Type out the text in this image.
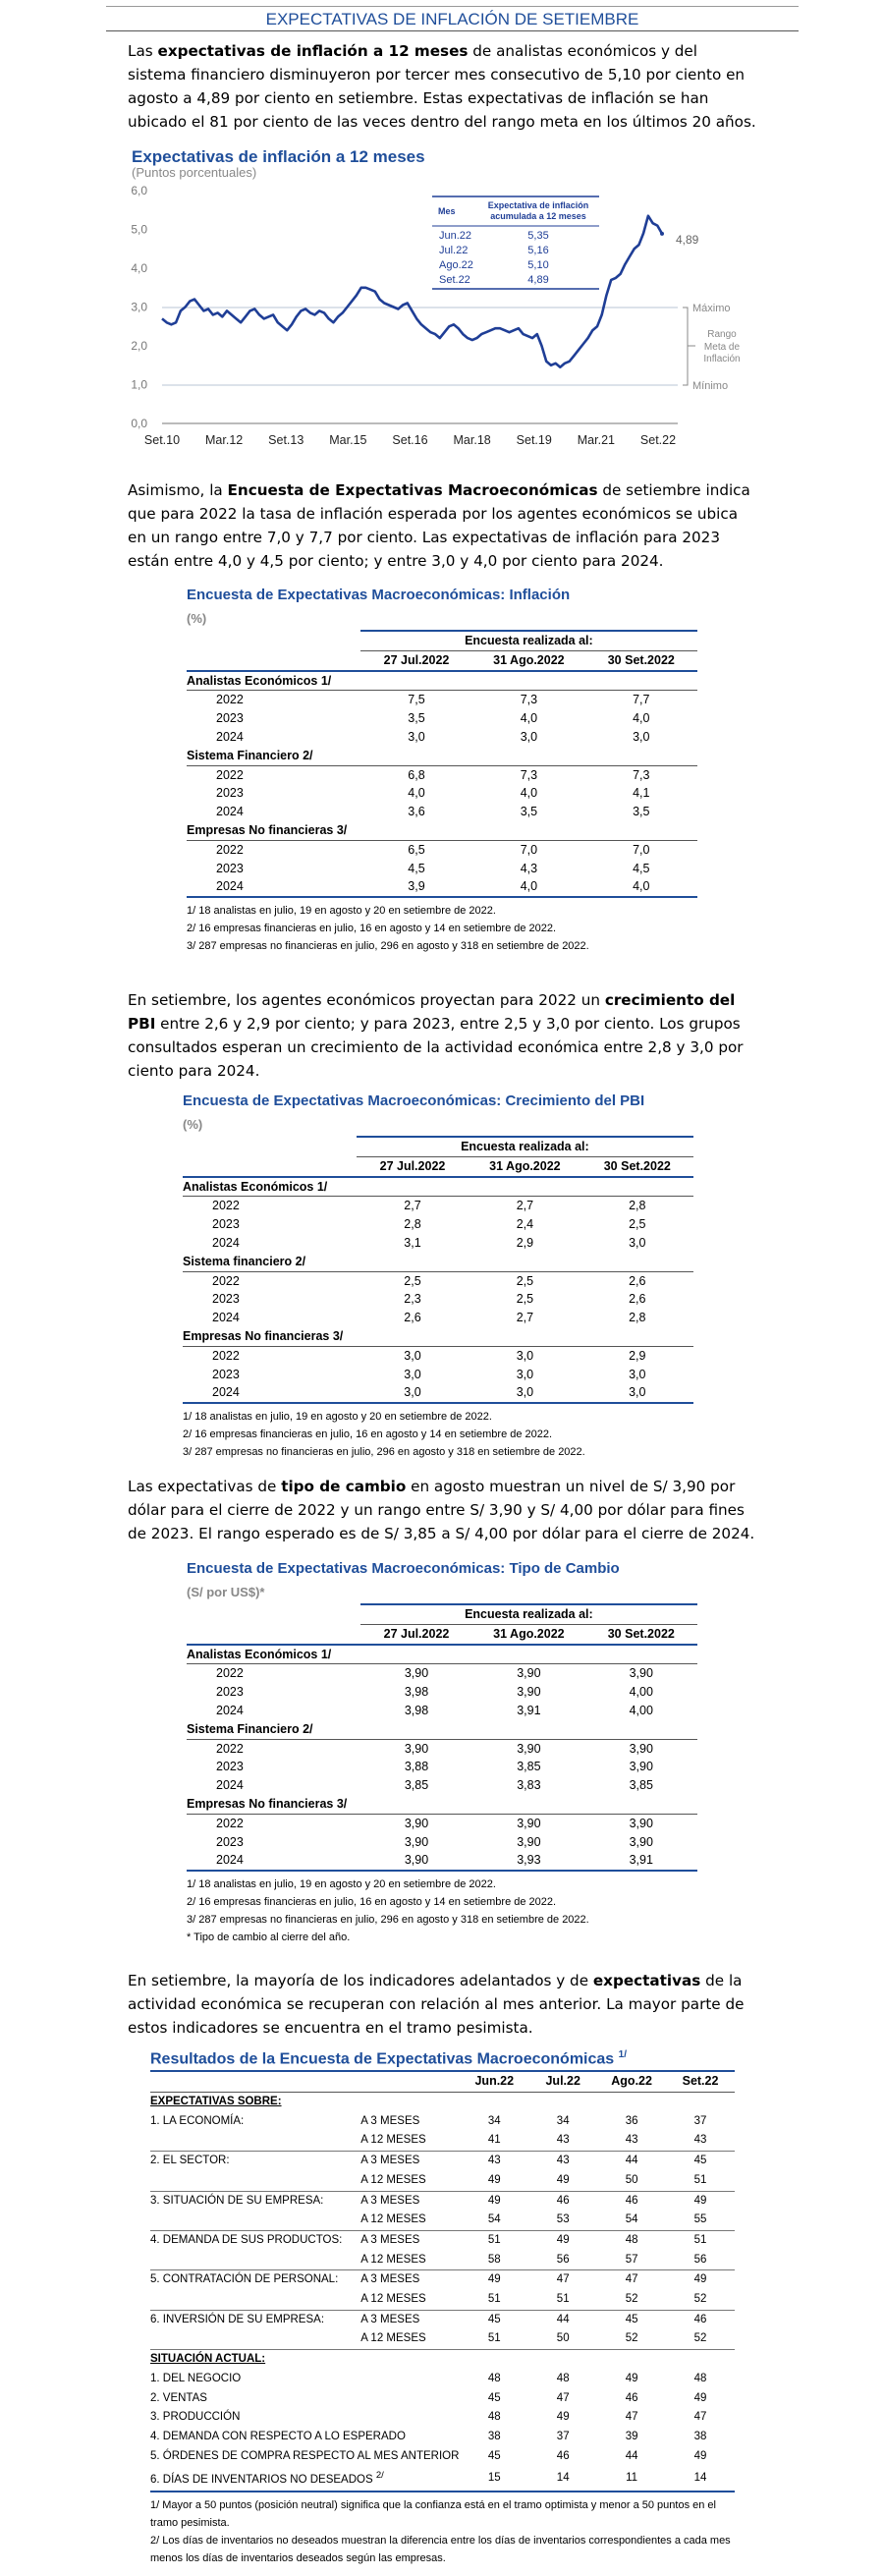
EXPECTATIVAS DE INFLACIÓN DE SETIEMBRE
Las expectativas de inflación a 12 meses de analistas económicos y del sistema financiero disminuyeron por tercer mes consecutivo de 5,10 por ciento en agosto a 4,89 por ciento en setiembre. Estas expectativas de inflación se han ubicado el 81 por ciento de las veces dentro del rango meta en los últimos 20 años.
Expectativas de inflación a 12 meses
(Puntos porcentuales)
0,0
1,0
2,0
3,0
4,0
5,0
6,0
Set.10 Mar.12 Set.13 Mar.15 Set.16 Mar.18 Set.19 Mar.21 Set.22
4,89
Máximo
Mínimo
Rango
Meta de
Inflación
Mes
Expectativa de inflación
acumulada a 12 meses
Jun.22	5,35
Jul.22	5,16
Ago.22	5,10
Set.22	4,89
Asimismo, la Encuesta de Expectativas Macroeconómicas de setiembre indica que para 2022 la tasa de inflación esperada por los agentes económicos se ubica en un rango entre 7,0 y 7,7 por ciento. Las expectativas de inflación para 2023 están entre 4,0 y 4,5 por ciento; y entre 3,0 y 4,0 por ciento para 2024.
Encuesta de Expectativas Macroeconómicas: Inflación
(%)
	Encuesta realizada al:		
	27 Jul.2022	31 Ago.2022	30 Set.2022
Analistas Económicos 1/			
2022	7,5	7,3	7,7
2023	3,5	4,0	4,0
2024	3,0	3,0	3,0
Sistema Financiero 2/			
2022	6,8	7,3	7,3
2023	4,0	4,0	4,1
2024	3,6	3,5	3,5
Empresas No financieras 3/			
2022	6,5	7,0	7,0
2023	4,5	4,3	4,5
2024	3,9	4,0	4,0
1/ 18 analistas en julio, 19 en agosto y 20 en setiembre de 2022.
2/ 16 empresas financieras en julio, 16 en agosto y 14 en setiembre de 2022.
3/ 287 empresas no financieras en julio, 296 en agosto y 318 en setiembre de 2022.
En setiembre, los agentes económicos proyectan para 2022 un crecimiento del PBI entre 2,6 y 2,9 por ciento; y para 2023, entre 2,5 y 3,0 por ciento. Los grupos consultados esperan un crecimiento de la actividad económica entre 2,8 y 3,0 por ciento para 2024.
Encuesta de Expectativas Macroeconómicas: Crecimiento del PBI
(%)
	Encuesta realizada al:		
	27 Jul.2022	31 Ago.2022	30 Set.2022
Analistas Económicos 1/			
2022	2,7	2,7	2,8
2023	2,8	2,4	2,5
2024	3,1	2,9	3,0
Sistema financiero 2/			
2022	2,5	2,5	2,6
2023	2,3	2,5	2,6
2024	2,6	2,7	2,8
Empresas No financieras 3/			
2022	3,0	3,0	2,9
2023	3,0	3,0	3,0
2024	3,0	3,0	3,0
1/ 18 analistas en julio, 19 en agosto y 20 en setiembre de 2022.
2/ 16 empresas financieras en julio, 16 en agosto y 14 en setiembre de 2022.
3/ 287 empresas no financieras en julio, 296 en agosto y 318 en setiembre de 2022.
Las expectativas de tipo de cambio en agosto muestran un nivel de S/ 3,90 por dólar para el cierre de 2022 y un rango entre S/ 3,90 y S/ 4,00 por dólar para fines de 2023. El rango esperado es de S/ 3,85 a S/ 4,00 por dólar para el cierre de 2024.
Encuesta de Expectativas Macroeconómicas: Tipo de Cambio
(S/ por US$)*
	Encuesta realizada al:		
	27 Jul.2022	31 Ago.2022	30 Set.2022
Analistas Económicos 1/			
2022	3,90	3,90	3,90
2023	3,98	3,90	4,00
2024	3,98	3,91	4,00
Sistema Financiero 2/			
2022	3,90	3,90	3,90
2023	3,88	3,85	3,90
2024	3,85	3,83	3,85
Empresas No financieras 3/			
2022	3,90	3,90	3,90
2023	3,90	3,90	3,90
2024	3,90	3,93	3,91
1/ 18 analistas en julio, 19 en agosto y 20 en setiembre de 2022.
2/ 16 empresas financieras en julio, 16 en agosto y 14 en setiembre de 2022.
3/ 287 empresas no financieras en julio, 296 en agosto y 318 en setiembre de 2022.
* Tipo de cambio al cierre del año.
En setiembre, la mayoría de los indicadores adelantados y de expectativas de la actividad económica se recuperan con relación al mes anterior. La mayor parte de estos indicadores se encuentra en el tramo pesimista.
Resultados de la Encuesta de Expectativas Macroeconómicas $^{1/}$
		Jun.22	Jul.22	Ago.22	Set.22
EXPECTATIVAS SOBRE:					
1. LA ECONOMÍA:	A 3 MESES	34	34	36	37
	A 12 MESES	41	43	43	43
2. EL SECTOR:	A 3 MESES	43	43	44	45
	A 12 MESES	49	49	50	51
3. SITUACIÓN DE SU EMPRESA:	A 3 MESES	49	46	46	49
	A 12 MESES	54	53	54	55
4. DEMANDA DE SUS PRODUCTOS:	A 3 MESES	51	49	48	51
	A 12 MESES	58	56	57	56
5. CONTRATACIÓN DE PERSONAL:	A 3 MESES	49	47	47	49
	A 12 MESES	51	51	52	52
6. INVERSIÓN DE SU EMPRESA:	A 3 MESES	45	44	45	46
	A 12 MESES	51	50	52	52
SITUACIÓN ACTUAL:					
1. DEL NEGOCIO		48	48	49	48
2. VENTAS		45	47	46	49
3. PRODUCCIÓN		48	49	47	47
4. DEMANDA CON RESPECTO A LO ESPERADO		38	37	39	38
5. ÓRDENES DE COMPRA RESPECTO AL MES ANTERIOR		45	46	44	49
6. DÍAS DE INVENTARIOS NO DESEADOS $^{2/}$		15	14	11	14
1/ Mayor a 50 puntos (posición neutral) significa que la confianza está en el tramo optimista y menor a 50 puntos en el tramo pesimista.
2/ Los días de inventarios no deseados muestran la diferencia entre los días de inventarios correspondientes a cada mes menos los días de inventarios deseados según las empresas.
